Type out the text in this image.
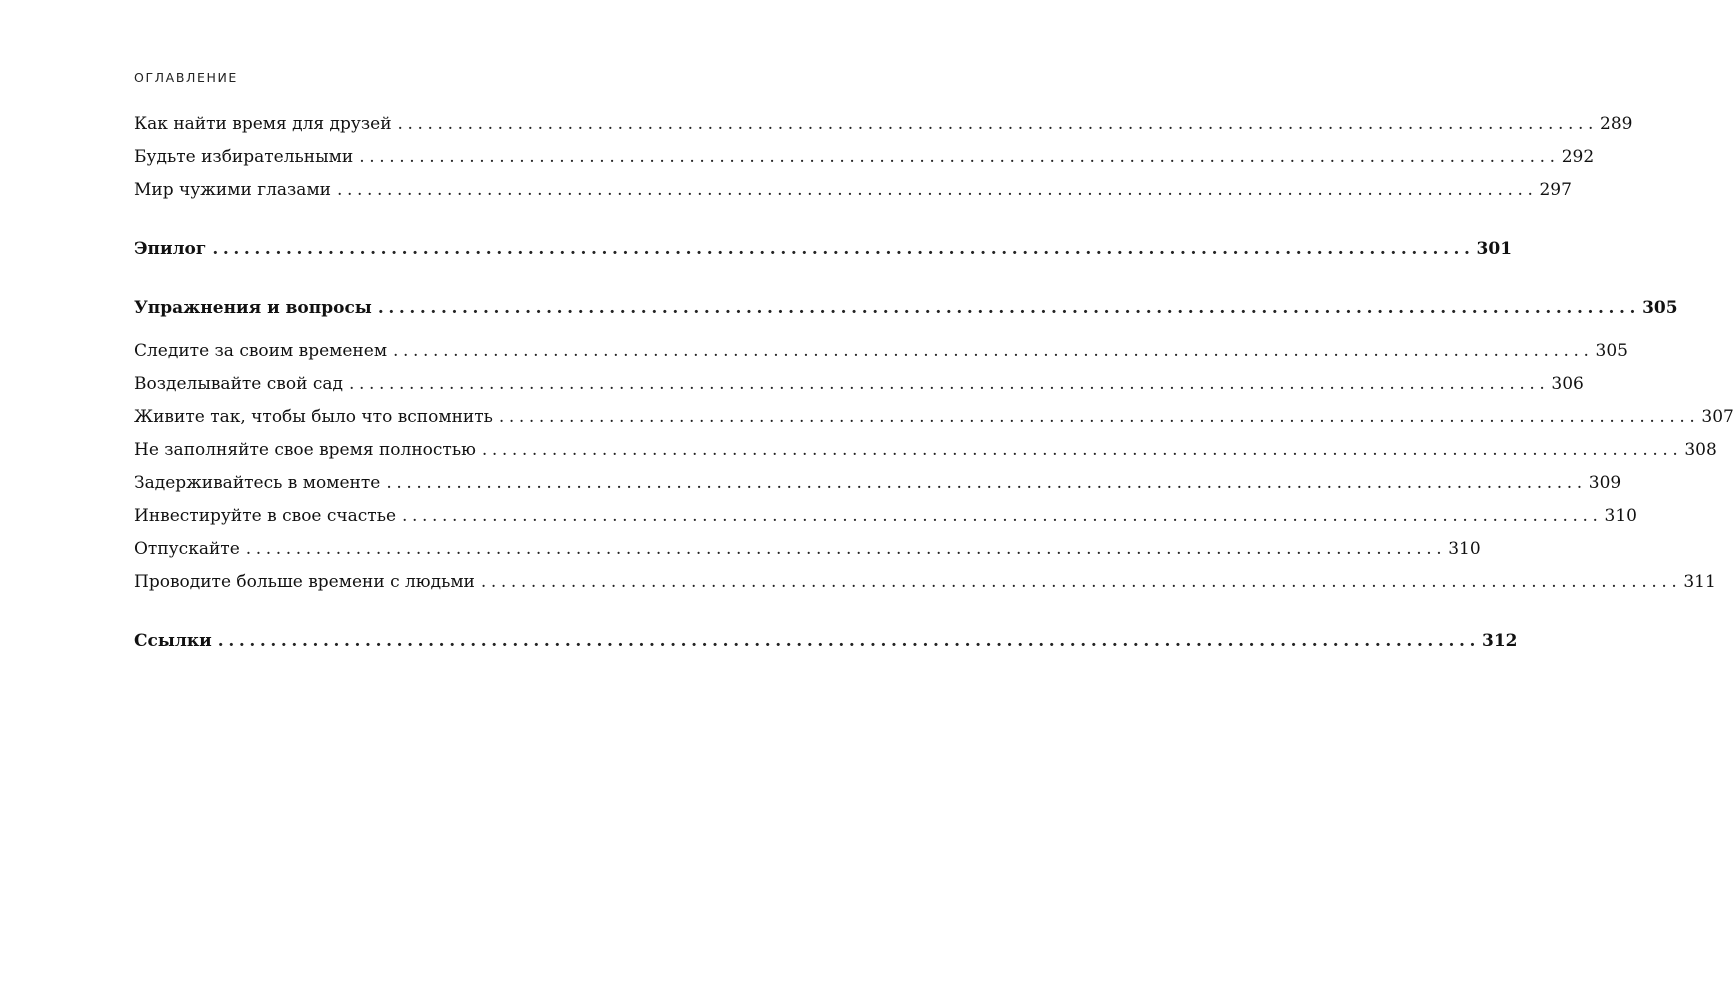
ОГЛАВЛЕНИЕ
Как найти время для друзей ........................................................................................................................ 289
Будьте избирательными ........................................................................................................................ 292
Мир чужими глазами ........................................................................................................................ 297
Эпилог ........................................................................................................................ 301
Упражнения и вопросы ........................................................................................................................ 305
Следите за своим временем ........................................................................................................................ 305
Возделывайте свой сад ........................................................................................................................ 306
Живите так, чтобы было что вспомнить ........................................................................................................................ 307
Не заполняйте свое время полностью ........................................................................................................................ 308
Задерживайтесь в моменте ........................................................................................................................ 309
Инвестируйте в свое счастье ........................................................................................................................ 310
Отпускайте ........................................................................................................................ 310
Проводите больше времени с людьми ........................................................................................................................ 311
Ссылки ........................................................................................................................ 312
